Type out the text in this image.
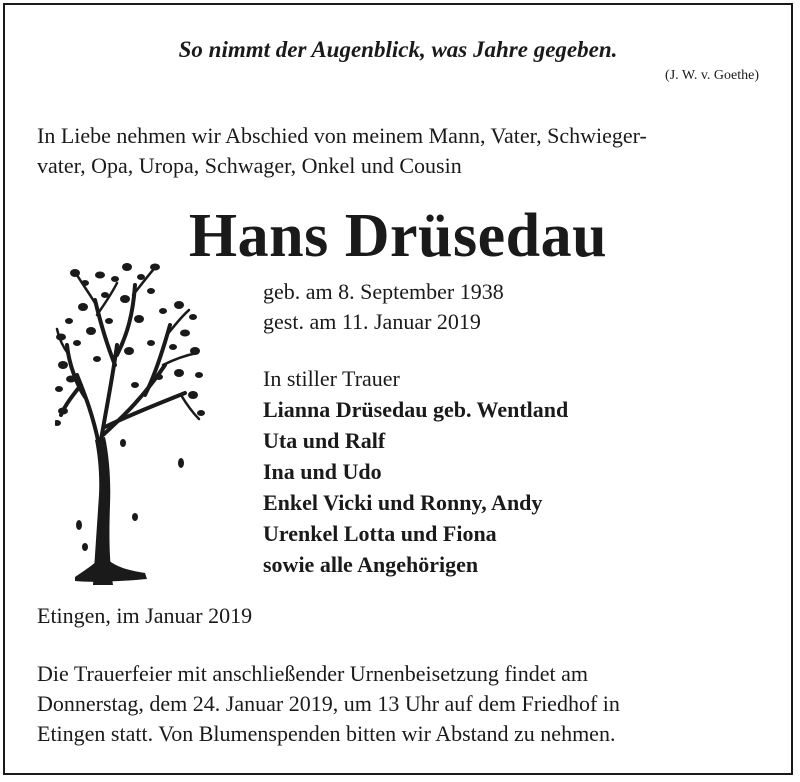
So nimmt der Augenblick, was Jahre gegeben.
(J. W. v. Goethe)
In Liebe nehmen wir Abschied von meinem Mann, Vater, Schwieger-
vater, Opa, Uropa, Schwager, Onkel und Cousin
Hans Drüsedau
geb. am 8. September 1938
gest. am 11. Januar 2019
In stiller Trauer
Lianna Drüsedau geb. Wentland
Uta und Ralf
Ina und Udo
Enkel Vicki und Ronny, Andy
Urenkel Lotta und Fiona
sowie alle Angehörigen
Etingen, im Januar 2019
Die Trauerfeier mit anschließender Urnenbeisetzung findet am
Donnerstag, dem 24. Januar 2019, um 13 Uhr auf dem Friedhof in
Etingen statt. Von Blumenspenden bitten wir Abstand zu nehmen.
